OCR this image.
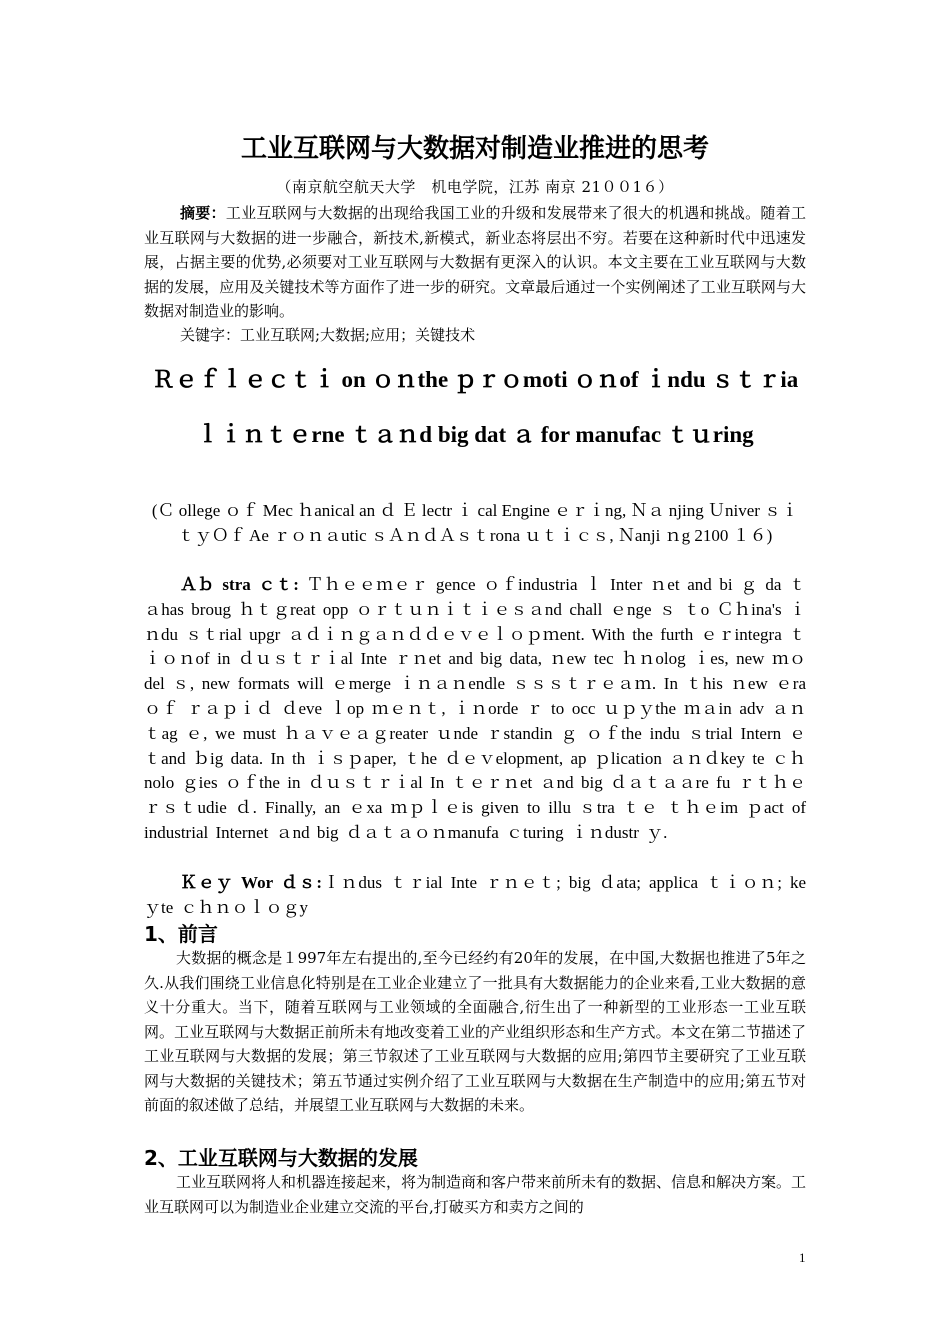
工业互联网与大数据对制造业推进的思考
（南京航空航天大学　机电学院，江苏 南京 21００1６）

摘要：工业互联网与大数据的出现给我国工业的升级和发展带来了很大的机遇和挑战。随着工业互联网与大数据的进一步融合，新技术,新模式，新业态将层出不穷。若要在这种新时代中迅速发展，占据主要的优势,必须要对工业互联网与大数据有更深入的认识。本文主要在工业互联网与大数据的发展，应用及关键技术等方面作了进一步的研究。文章最后通过一个实例阐述了工业互联网与大数据对制造业的影响。

关键字：工业互联网;大数据;应用；关键技术

Ｒｅｆｌｅｃｔｉ on ｏｎthe ｐｒｏmoti ｏｎof ｉndu ｓｔｒia ｌｉｎｔｅrne ｔａｎd big dat ａ for manufac ｔｕring
(Ｃ ollege ｏｆ Mec ｈanical an ｄ Ｅ lectr ｉ cal Engine ｅｒｉng, Ｎａ njing Ｕniver ｓｉｔｙＯｆ Ae ｒｏｎａutic ｓＡｎｄＡｓｔrona ｕｔｉｃｓ, Ｎanji ｎg 2100 １６)

Ａｂ stra ｃｔ: Ｔｈｅｅｍｅｒ gence ｏｆindustria ｌ Inter ｎet and bi ｇ da ｔａhas broug ｈｔｇreat opp ｏｒｔｕｎｉｔｉｅｓａnd chall ｅnge ｓ ｔo Ｃｈina's ｉｎdu ｓｔrial upgr ａｄｉｎｇａｎｄｄｅｖｅｌｏｐｍent. With the furth ｅｒintegra ｔｉｏｎof in ｄｕｓｔｒｉal Inte ｒｎet and big data, ｎew tec ｈｎolog ｉes, new ｍｏdel ｓ, new formats will ｅmerge ｉｎａｎendle ｓｓｓｔｒｅａｍ. In ｔhis ｎew ｅraｏｆ ｒａｐｉｄ ｄeve ｌop ｍｅｎｔ, ｉｎorde ｒ to occ ｕｐｙthe ｍａin adv ａｎｔag ｅ, we must ｈａｖｅａｇreater ｕnde ｒstandin ｇ ｏｆthe indu ｓtrial Intern ｅｔand ｂig data. In th ｉｓｐaper, ｔhe ｄｅｖelopment, ap ｐlication ａｎｄkey te ｃｈnolo ｇies ｏｆthe in ｄｕｓｔｒｉal In ｔｅｒｎet ａnd big ｄａｔａａre fu ｒｔｈｅｒｓｔudie ｄ. Finally, an ｅxa ｍｐｌｅis given to illu ｓtra ｔｅ ｔｈｅim ｐact of industrial Internet ａnd big ｄａｔａｏｎmanufa ｃturing ｉｎdustr ｙ.

Ｋｅｙ Wor ｄｓ:Ｉｎdus ｔｒial Inte ｒｎｅｔ; big ｄata; applica ｔｉｏｎ; ke ｙte ｃｈｎｏｌｏｇy

1、前言

大数据的概念是１997年左右提出的,至今已经约有20年的发展，在中国,大数据也推进了5年之久.从我们围绕工业信息化特别是在工业企业建立了一批具有大数据能力的企业来看,工业大数据的意义十分重大。当下，随着互联网与工业领域的全面融合,衍生出了一种新型的工业形态一工业互联网。工业互联网与大数据正前所未有地改变着工业的产业组织形态和生产方式。本文在第二节描述了工业互联网与大数据的发展；第三节叙述了工业互联网与大数据的应用;第四节主要研究了工业互联网与大数据的关键技术；第五节通过实例介绍了工业互联网与大数据在生产制造中的应用;第五节对前面的叙述做了总结，并展望工业互联网与大数据的未来。

2、工业互联网与大数据的发展

工业互联网将人和机器连接起来，将为制造商和客户带来前所未有的数据、信息和解决方案。工业互联网可以为制造业企业建立交流的平台,打破买方和卖方之间的

1
